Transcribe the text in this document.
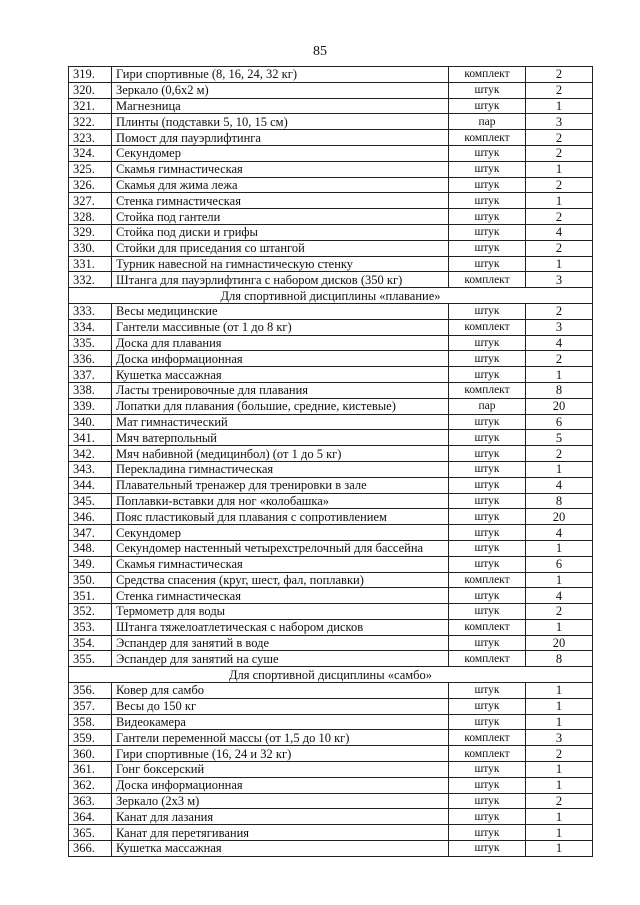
85
319.	Гири спортивные (8, 16, 24, 32 кг)	комплект	2
320.	Зеркало (0,6х2 м)	штук	2
321.	Магнезница	штук	1
322.	Плинты (подставки 5, 10, 15 см)	пар	3
323.	Помост для пауэрлифтинга	комплект	2
324.	Секундомер	штук	2
325.	Скамья гимнастическая	штук	1
326.	Скамья для жима лежа	штук	2
327.	Стенка гимнастическая	штук	1
328.	Стойка под гантели	штук	2
329.	Стойка под диски и грифы	штук	4
330.	Стойки для приседания со штангой	штук	2
331.	Турник навесной на гимнастическую стенку	штук	1
332.	Штанга для пауэрлифтинга с набором дисков (350 кг)	комплект	3
Для спортивной дисциплины «плавание»			
333.	Весы медицинские	штук	2
334.	Гантели массивные (от 1 до 8 кг)	комплект	3
335.	Доска для плавания	штук	4
336.	Доска информационная	штук	2
337.	Кушетка массажная	штук	1
338.	Ласты тренировочные для плавания	комплект	8
339.	Лопатки для плавания (большие, средние, кистевые)	пар	20
340.	Мат гимнастический	штук	6
341.	Мяч ватерпольный	штук	5
342.	Мяч набивной (медицинбол) (от 1 до 5 кг)	штук	2
343.	Перекладина гимнастическая	штук	1
344.	Плавательный тренажер для тренировки в зале	штук	4
345.	Поплавки-вставки для ног «колобашка»	штук	8
346.	Пояс пластиковый для плавания с сопротивлением	штук	20
347.	Секундомер	штук	4
348.	Секундомер настенный четырехстрелочный для бассейна	штук	1
349.	Скамья гимнастическая	штук	6
350.	Средства спасения (круг, шест, фал, поплавки)	комплект	1
351.	Стенка гимнастическая	штук	4
352.	Термометр для воды	штук	2
353.	Штанга тяжелоатлетическая с набором дисков	комплект	1
354.	Эспандер для занятий в воде	штук	20
355.	Эспандер для занятий на суше	комплект	8
Для спортивной дисциплины «самбо»			
356.	Ковер для самбо	штук	1
357.	Весы до 150 кг	штук	1
358.	Видеокамера	штук	1
359.	Гантели переменной массы (от 1,5 до 10 кг)	комплект	3
360.	Гири спортивные (16, 24 и 32 кг)	комплект	2
361.	Гонг боксерский	штук	1
362.	Доска информационная	штук	1
363.	Зеркало (2х3 м)	штук	2
364.	Канат для лазания	штук	1
365.	Канат для перетягивания	штук	1
366.	Кушетка массажная	штук	1
